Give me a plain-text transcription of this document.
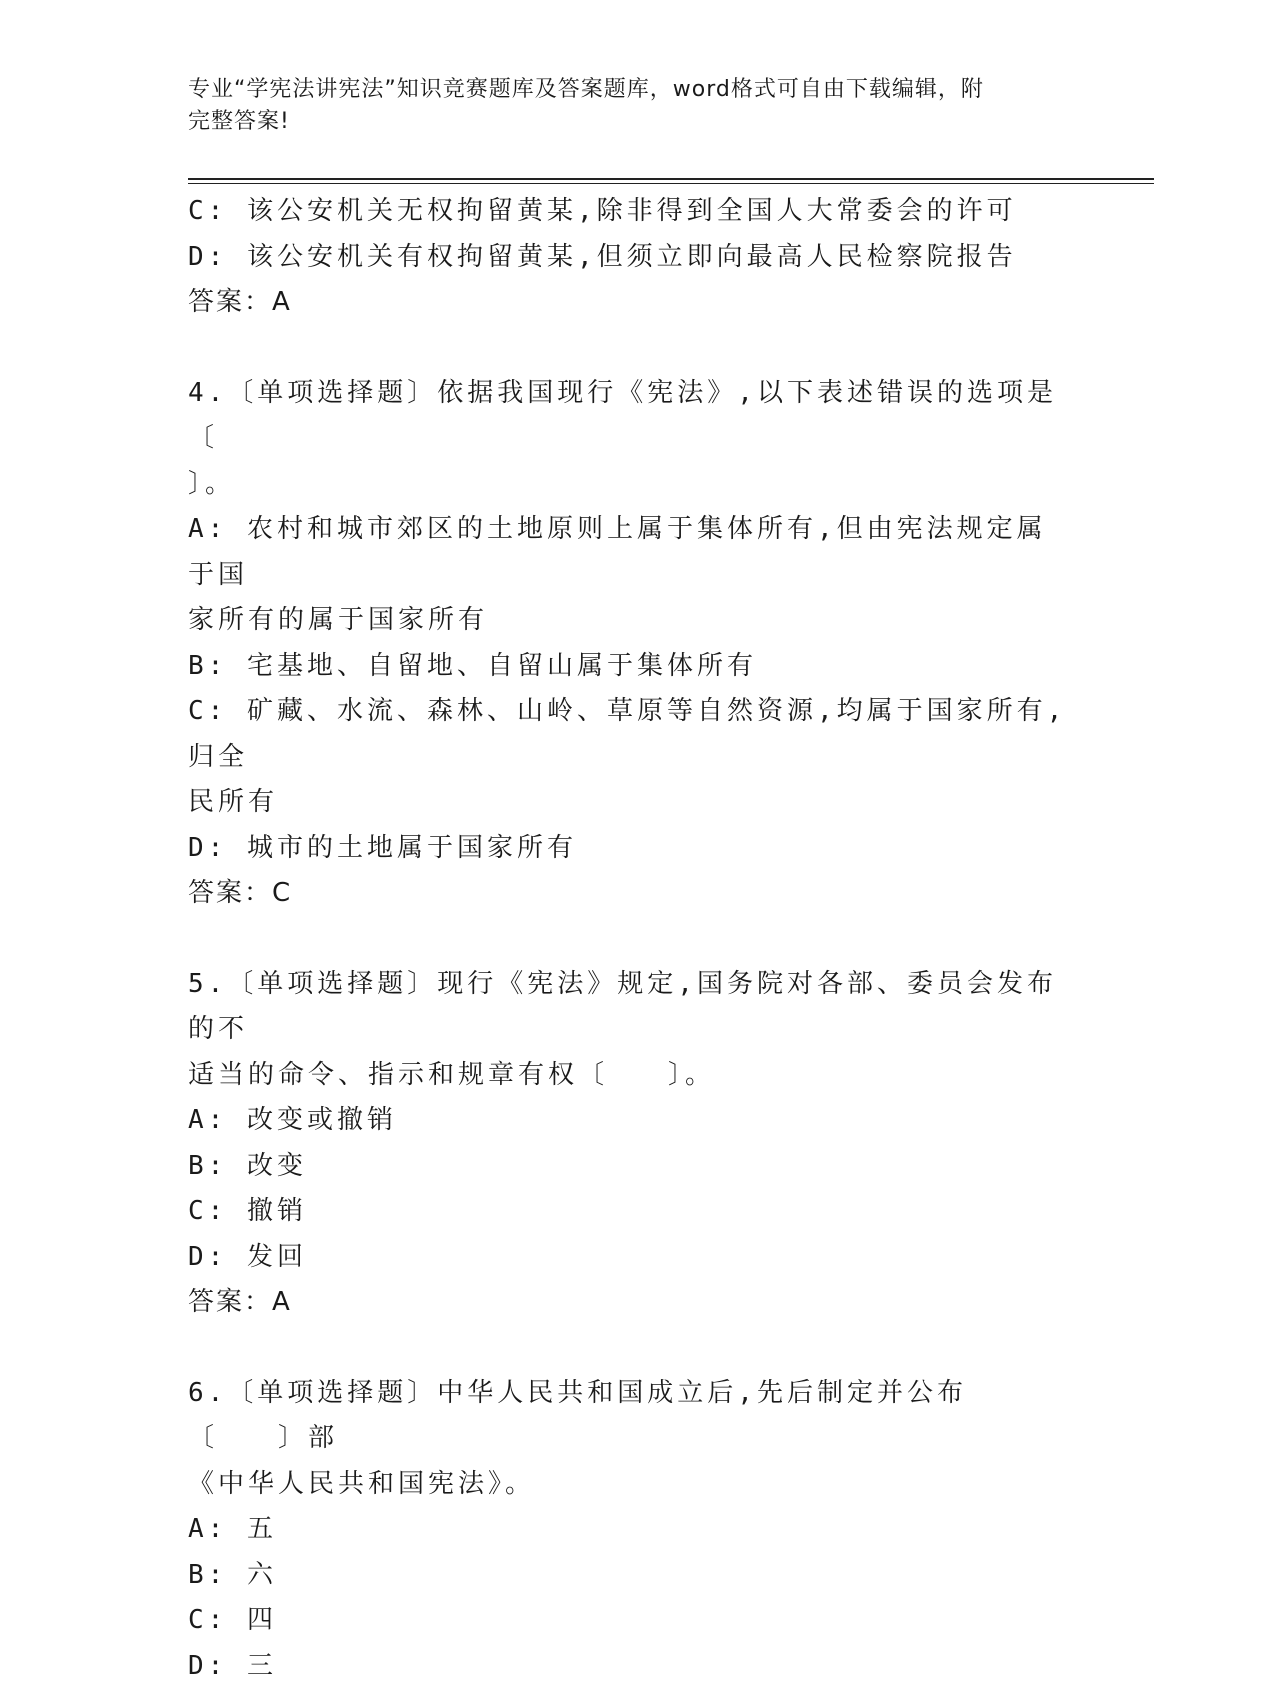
专业“学宪法讲宪法”知识竞赛题库及答案题库，word格式可自由下载编辑，附
完整答案!
C: 该公安机关无权拘留黄某,除非得到全国人大常委会的许可
D: 该公安机关有权拘留黄某,但须立即向最高人民检察院报告
答案：A
4.〔单项选择题〕依据我国现行《宪法》,以下表述错误的选项是〔
〕。
A: 农村和城市郊区的土地原则上属于集体所有,但由宪法规定属于国
家所有的属于国家所有
B: 宅基地、自留地、自留山属于集体所有
C: 矿藏、水流、森林、山岭、草原等自然资源,均属于国家所有,归全
民所有
D: 城市的土地属于国家所有
答案：C
5.〔单项选择题〕现行《宪法》规定,国务院对各部、委员会发布的不
适当的命令、指示和规章有权〔　　〕。
A: 改变或撤销
B: 改变
C: 撤销
D: 发回
答案：A
6.〔单项选择题〕中华人民共和国成立后,先后制定并公布〔　　〕部
《中华人民共和国宪法》。
A: 五
B: 六
C: 四
D: 三
